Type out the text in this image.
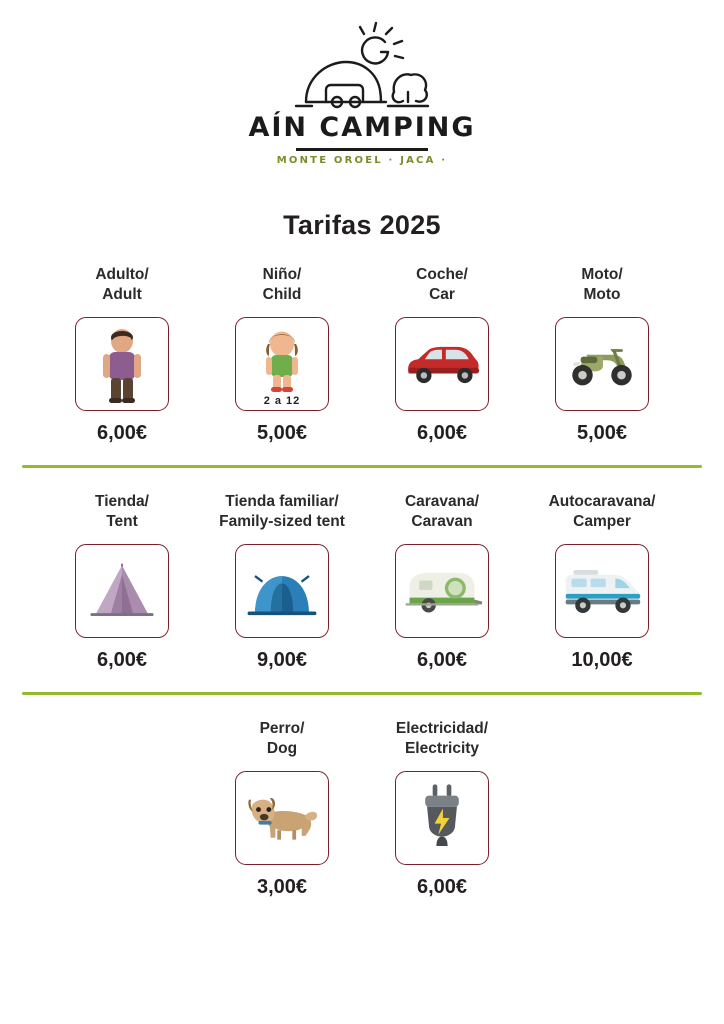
AÍN CAMPING
MONTE OROEL · JACA ·
Tarifas 2025
Adulto/
Adult
6,00€
Niño/
Child
2 a 12
5,00€
Coche/
Car
6,00€
Moto/
Moto
5,00€
Tienda/
Tent
6,00€
Tienda familiar/
Family-sized tent
9,00€
Caravana/
Caravan
6,00€
Autocaravana/
Camper
10,00€
Perro/
Dog
3,00€
Electricidad/
Electricity
6,00€
